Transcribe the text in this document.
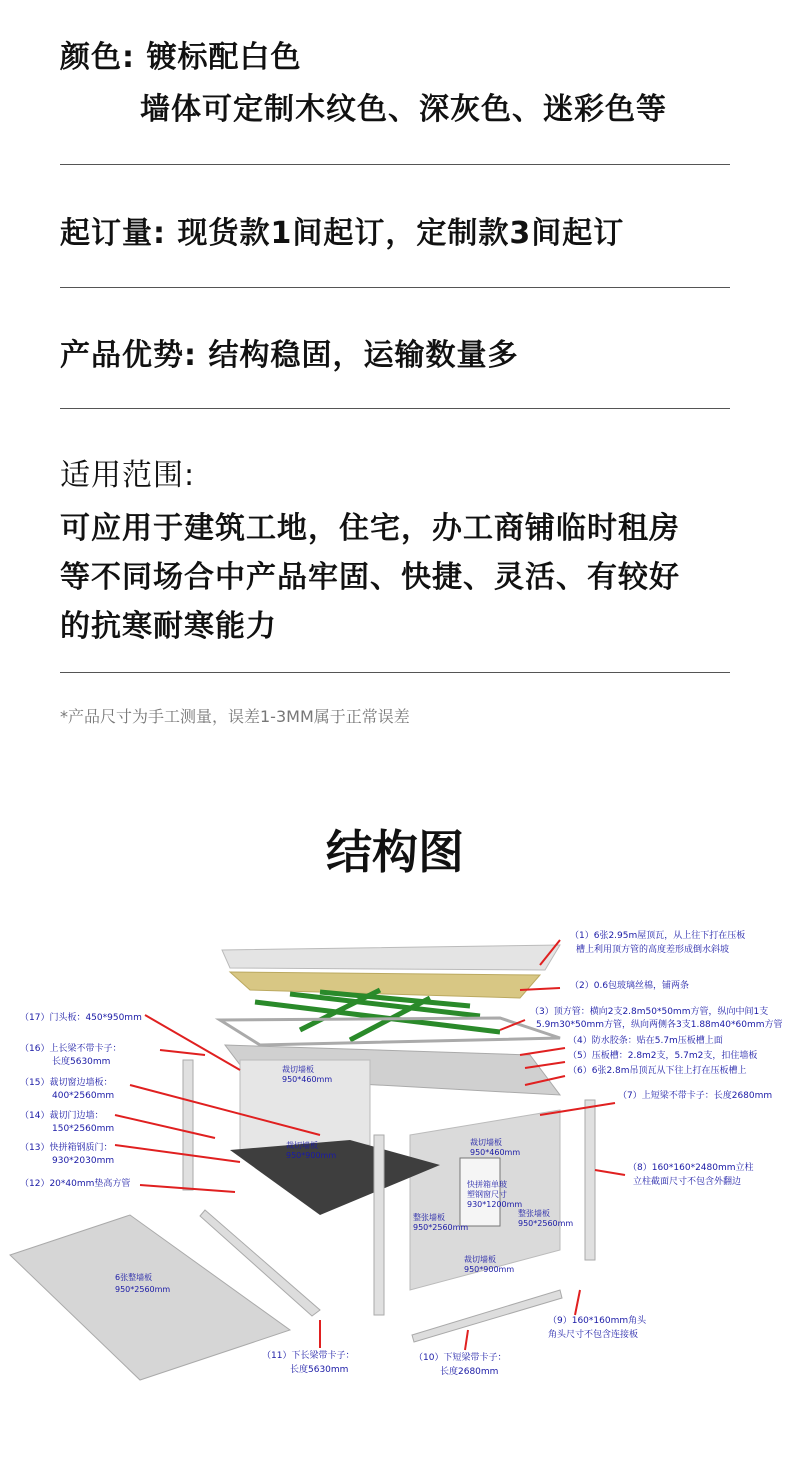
颜色: 镀标配白色
墙体可定制木纹色、深灰色、迷彩色等
起订量: 现货款1间起订，定制款3间起订
产品优势: 结构稳固，运输数量多
适用范围:
可应用于建筑工地，住宅，办工商铺临时租房
等不同场合中产品牢固、快捷、灵活、有较好
的抗寒耐寒能力
*产品尺寸为手工测量，误差1-3MM属于正常误差
结构图
（1）6张2.95m屋顶瓦，从上往下打在压板
槽上利用顶方管的高度差形成倒水斜坡
（2）0.6包玻璃丝棉，铺两条
（3）顶方管：横向2支2.8m50*50mm方管，纵向中间1支
5.9m30*50mm方管，纵向两侧各3支1.88m40*60mm方管
（4）防水胶条：贴在5.7m压板槽上面
（5）压板槽：2.8m2支，5.7m2支，扣住墙板
（6）6张2.8m吊顶瓦从下往上打在压板槽上
（7）上短梁不带卡子：长度2680mm
（8）160*160*2480mm立柱
立柱截面尺寸不包含外翻边
（9）160*160mm角头
角头尺寸不包含连接板
（10）下短梁带卡子：
长度2680mm
（11）下长梁带卡子：
长度5630mm
（17）门头板：450*950mm
（16）上长梁不带卡子：
长度5630mm
（15）裁切窗边墙板：
400*2560mm
（14）裁切门边墙：
150*2560mm
（13）快拼箱钢质门：
930*2030mm
（12）20*40mm垫高方管
裁切墙板
950*460mm
裁切墙板
950*900mm
裁切墙板
950*460mm
快拼箱单玻
塑钢窗尺寸
930*1200mm
整张墙板
950*2560mm
整张墙板
950*2560mm
裁切墙板
950*900mm
6张整墙板
950*2560mm
